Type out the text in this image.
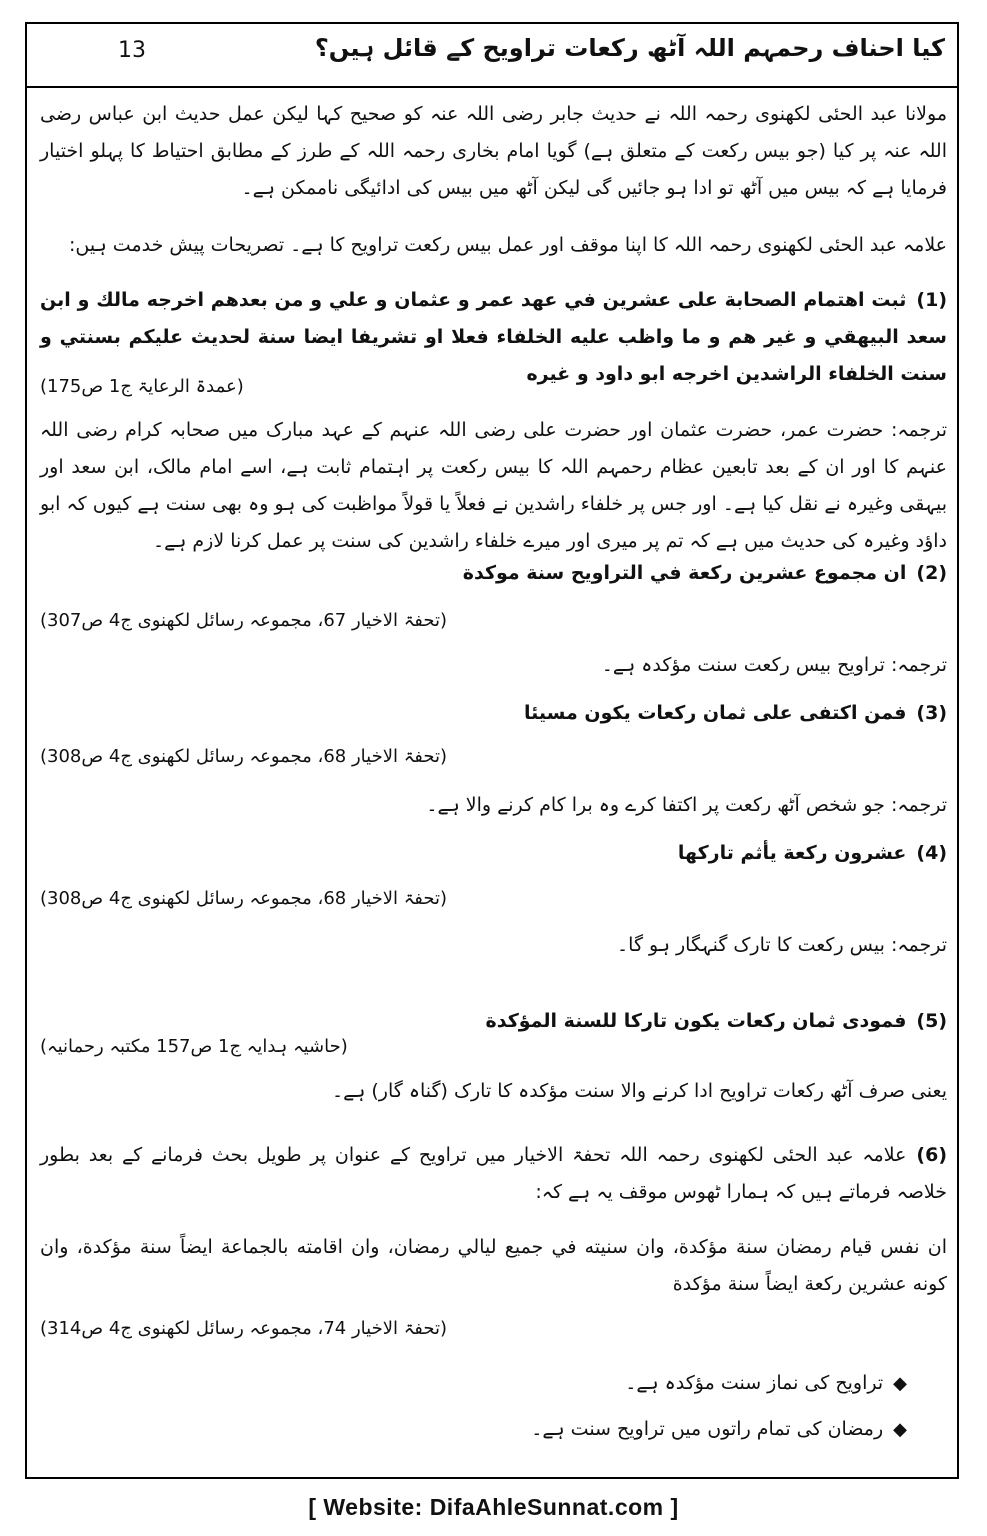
13	کیا احناف رحمہم اللہ آٹھ رکعات تراویح کے قائل ہیں؟
مولانا عبد الحئی لکھنوی رحمہ اللہ نے حدیث جابر رضی اللہ عنہ کو صحیح کہا لیکن عمل حدیث ابن عباس رضی اللہ عنہ پر کیا (جو بیس رکعت کے متعلق ہے) گویا امام بخاری رحمہ اللہ کے طرز کے مطابق احتیاط کا پہلو اختیار فرمایا ہے کہ بیس میں آٹھ تو ادا ہو جائیں گی لیکن آٹھ میں بیس کی ادائیگی ناممکن ہے۔
علامہ عبد الحئی لکھنوی رحمہ اللہ کا اپنا موقف اور عمل بیس رکعت تراویح کا ہے۔ تصریحات پیش خدمت ہیں:
(1)ثبت اهتمام الصحابة على عشرين في عهد عمر و عثمان و علي و من بعدهم اخرجه مالك و ابن سعد البيهقي و غير هم و ما واظب عليه الخلفاء فعلا او تشريفا ايضا سنة لحديث عليكم بسنتي و سنت الخلفاء الراشدين اخرجه ابو داود و غيره
(عمدۃ الرعایۃ ج1 ص175)
ترجمہ: حضرت عمر، حضرت عثمان اور حضرت علی رضی اللہ عنہم کے عہد مبارک میں صحابہ کرام رضی اللہ عنہم کا اور ان کے بعد تابعین عظام رحمہم اللہ کا بیس رکعت پر اہتمام ثابت ہے، اسے امام مالک، ابن سعد اور بیہقی وغیرہ نے نقل کیا ہے۔ اور جس پر خلفاء راشدین نے فعلاً یا قولاً مواظبت کی ہو وہ بھی سنت ہے کیوں کہ ابو داؤد وغیرہ کی حدیث میں ہے کہ تم پر میری اور میرے خلفاء راشدین کی سنت پر عمل کرنا لازم ہے۔
(2)ان مجموع عشرين ركعة في التراويح سنة موكدة
(تحفۃ الاخیار 67، مجموعہ رسائل لکھنوی ج4 ص307)
ترجمہ: تراویح بیس رکعت سنت مؤکدہ ہے۔
(3)فمن اكتفى على ثمان ركعات يكون مسيئا
(تحفۃ الاخیار 68، مجموعہ رسائل لکھنوی ج4 ص308)
ترجمہ: جو شخص آٹھ رکعت پر اکتفا کرے وہ برا کام کرنے والا ہے۔
(4)عشرون ركعة يأثم تاركها
(تحفۃ الاخیار 68، مجموعہ رسائل لکھنوی ج4 ص308)
ترجمہ: بیس رکعت کا تارک گنہگار ہو گا۔
(5)فمودى ثمان ركعات يكون تاركا للسنة المؤكدة
(حاشیہ ہدایہ ج1 ص157 مکتبہ رحمانیہ)
یعنی صرف آٹھ رکعات تراویح ادا کرنے والا سنت مؤکدہ کا تارک (گناہ گار) ہے۔
(6)علامہ عبد الحئی لکھنوی رحمہ اللہ تحفۃ الاخیار میں تراویح کے عنوان پر طویل بحث فرمانے کے بعد بطور خلاصہ فرماتے ہیں کہ ہمارا ٹھوس موقف یہ ہے کہ:
ان نفس قيام رمضان سنة مؤكدة، وان سنيته في جميع ليالي رمضان، وان اقامته بالجماعة ايضاً سنة مؤكدة، وان كونه عشرين ركعة ايضاً سنة مؤكدة
(تحفۃ الاخیار 74، مجموعہ رسائل لکھنوی ج4 ص314)
◆تراویح کی نماز سنت مؤکدہ ہے۔
◆رمضان کی تمام راتوں میں تراویح سنت ہے۔
[ Website: DifaAhleSunnat.com ]
